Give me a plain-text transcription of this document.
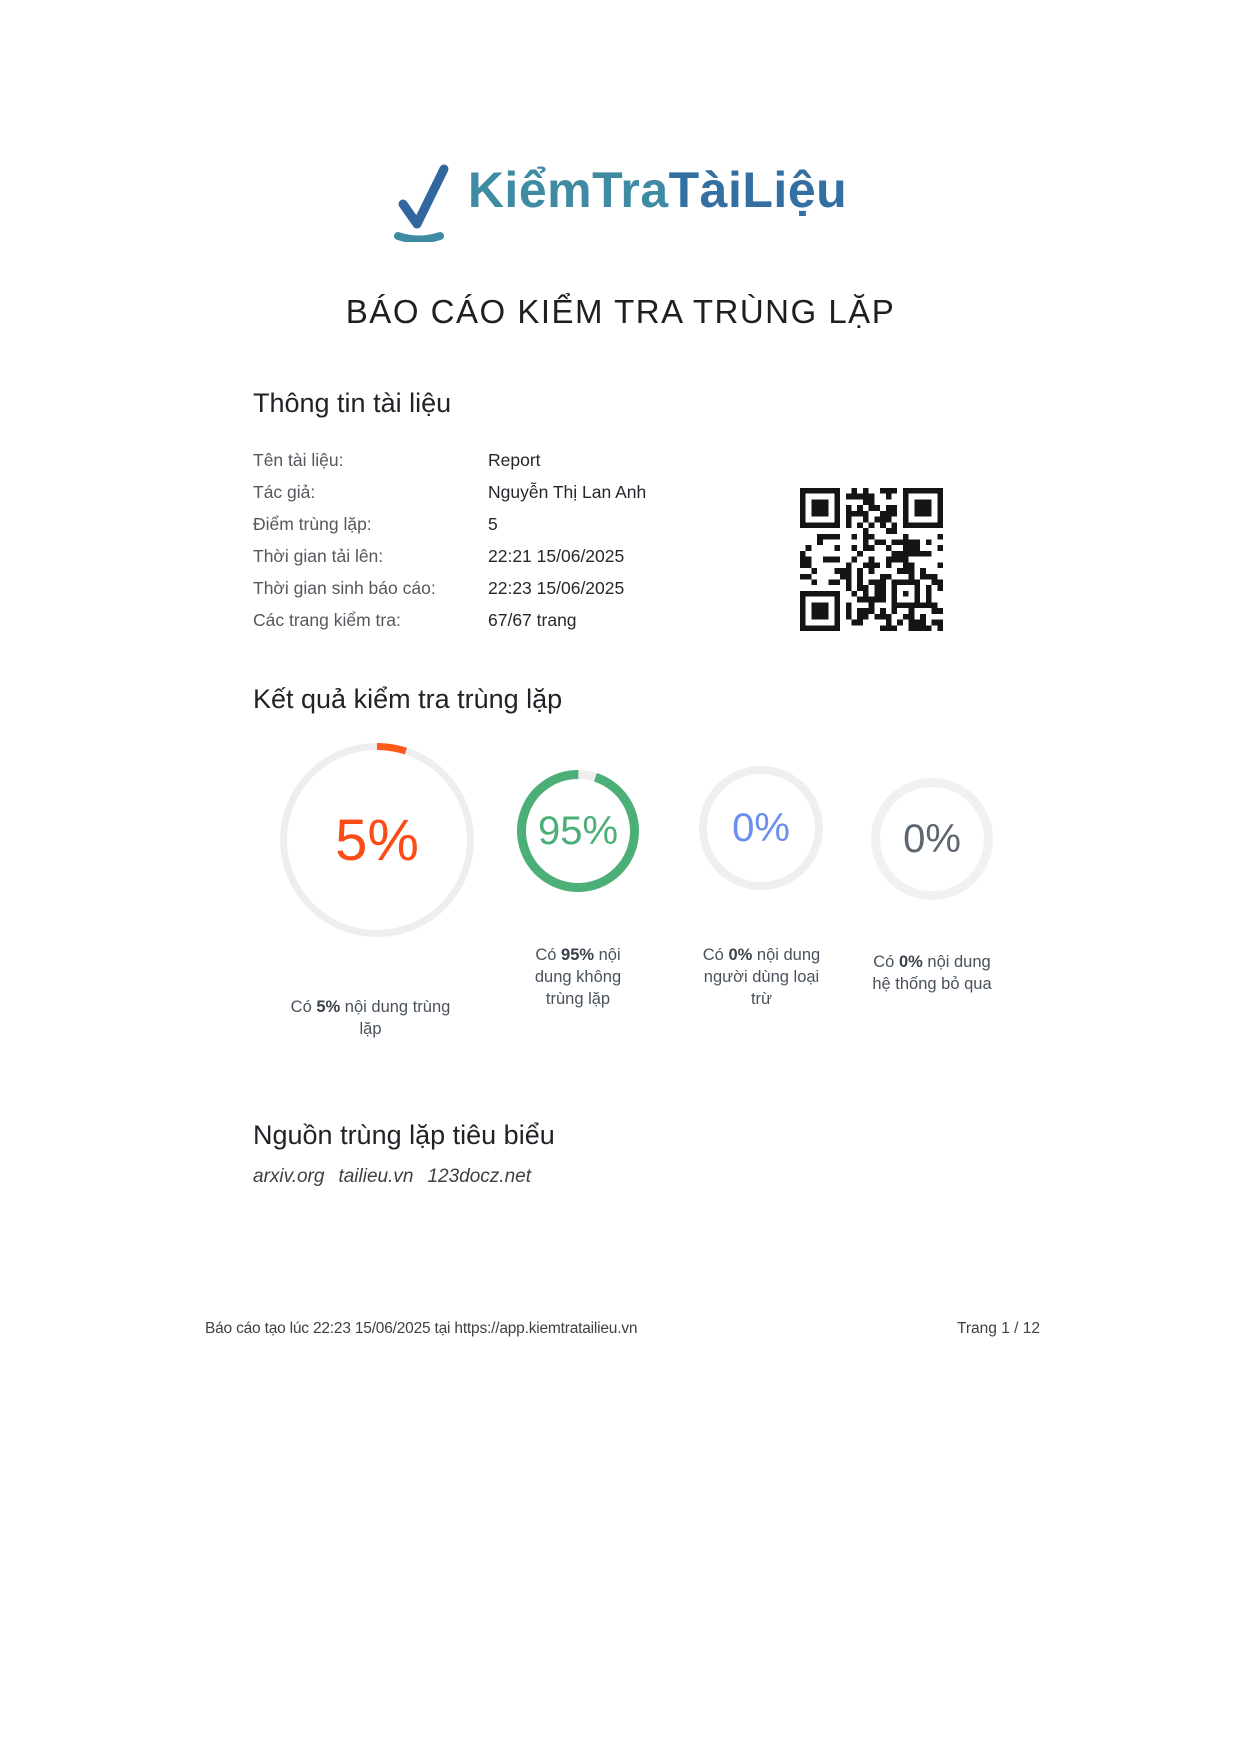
KiểmTraTàiLiệu
BÁO CÁO KIỂM TRA TRÙNG LẶP
Thông tin tài liệu
Tên tài liệu:	Report
Tác giả:	Nguyễn Thị Lan Anh
Điểm trùng lặp:	5
Thời gian tải lên:	22:21 15/06/2025
Thời gian sinh báo cáo:	22:23 15/06/2025
Các trang kiểm tra:	67/67 trang
Kết quả kiểm tra trùng lặp
5%	95%	0%	0%
Có 5% nội dung trùng lặp
Có 95% nội dung không trùng lặp
Có 0% nội dung người dùng loại trừ
Có 0% nội dung hệ thống bỏ qua
Nguồn trùng lặp tiêu biểu
arxiv.org tailieu.vn 123docz.net
Báo cáo tạo lúc 22:23 15/06/2025 tại https://app.kiemtratailieu.vn	Trang 1 / 12
